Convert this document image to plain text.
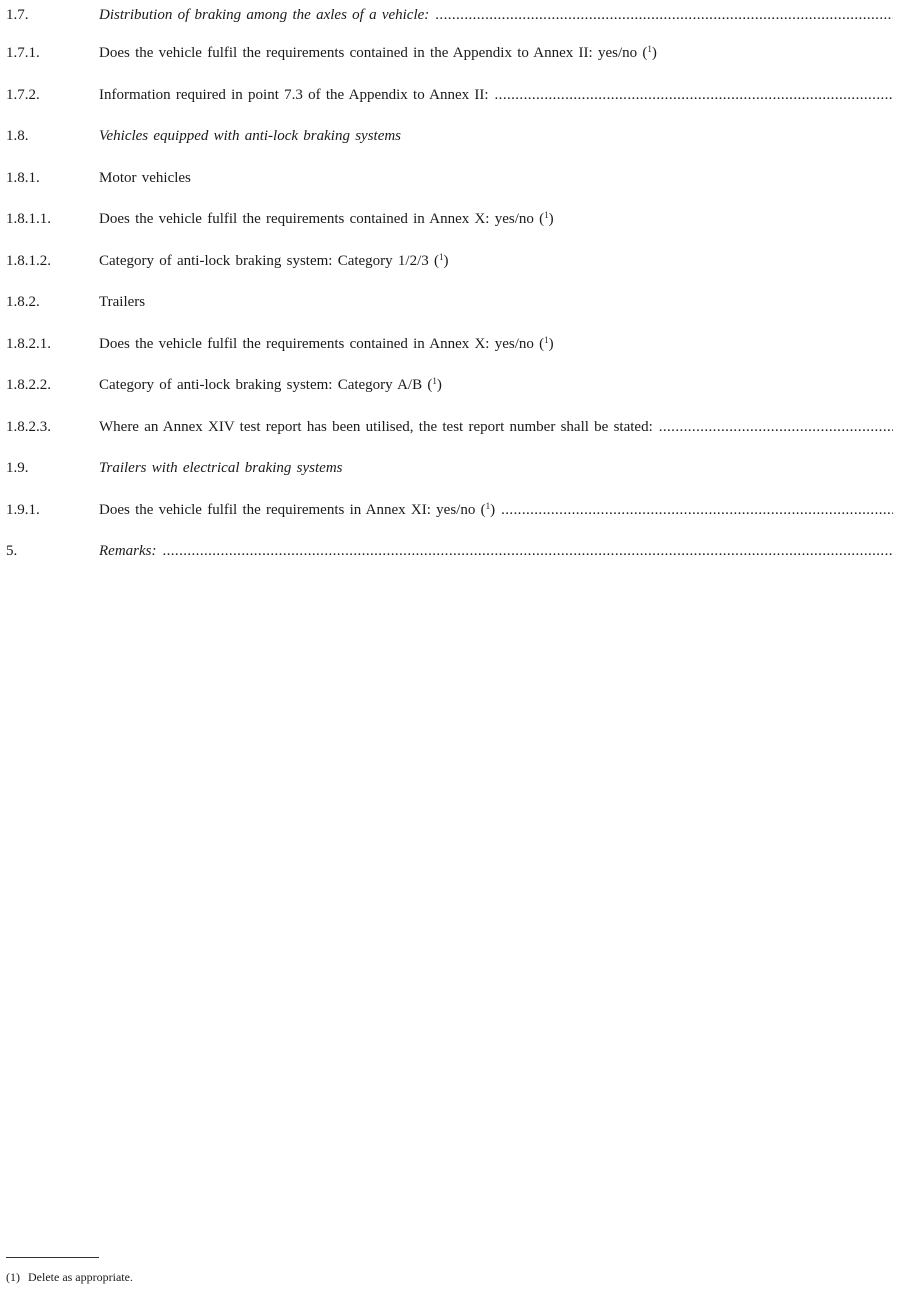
1.7.	Distribution of braking among the axles of a vehicle:
.....
1.7.1.	Does the vehicle fulfil the requirements contained in the Appendix to Annex II: yes/no ($^1$)
1.7.2.	Information required in point 7.3 of the Appendix to Annex II:
.....
1.8.	Vehicles equipped with anti-lock braking systems
1.8.1.	Motor vehicles
1.8.1.1.	Does the vehicle fulfil the requirements contained in Annex X: yes/no ($^1$)
1.8.1.2.	Category of anti-lock braking system: Category 1/2/3 ($^1$)
1.8.2.	Trailers
1.8.2.1.	Does the vehicle fulfil the requirements contained in Annex X: yes/no ($^1$)
1.8.2.2.	Category of anti-lock braking system: Category A/B ($^1$)
1.8.2.3.	Where an Annex XIV test report has been utilised, the test report number shall be stated:
.....
1.9.	Trailers with electrical braking systems
1.9.1.	Does the vehicle fulfil the requirements in Annex XI: yes/no ($^1$)
.....
5.	Remarks:
.....
(1) Delete as appropriate.
